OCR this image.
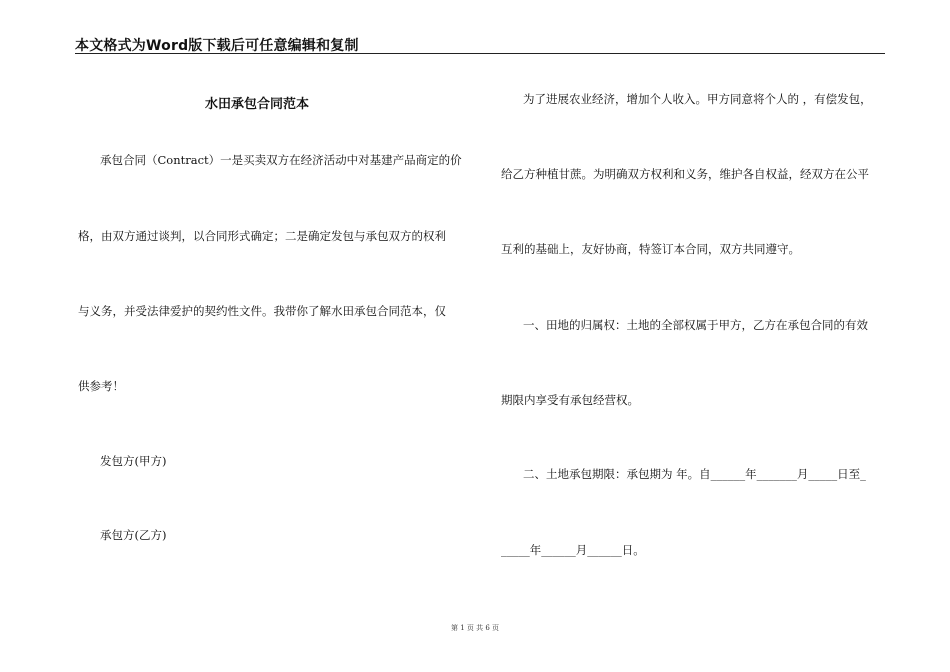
本文格式为Word版下载后可任意编辑和复制
水田承包合同范本
承包合同（Contract）一是买卖双方在经济活动中对基建产品商定的价
格，由双方通过谈判，以合同形式确定；二是确定发包与承包双方的权利
与义务，并受法律爱护的契约性文件。我带你了解水田承包合同范本，仅
供参考！
发包方(甲方)
承包方(乙方)
为了进展农业经济，增加个人收入。甲方同意将个人的 ，有偿发包，
给乙方种植甘蔗。为明确双方权利和义务，维护各自权益，经双方在公平
互利的基础上，友好协商，特签订本合同，双方共同遵守。
一、田地的归属权：土地的全部权属于甲方，乙方在承包合同的有效
期限内享受有承包经营权。
二、土地承包期限：承包期为 年。自______年_______月_____日至_
_____年______月______日。
第 1 页 共 6 页
